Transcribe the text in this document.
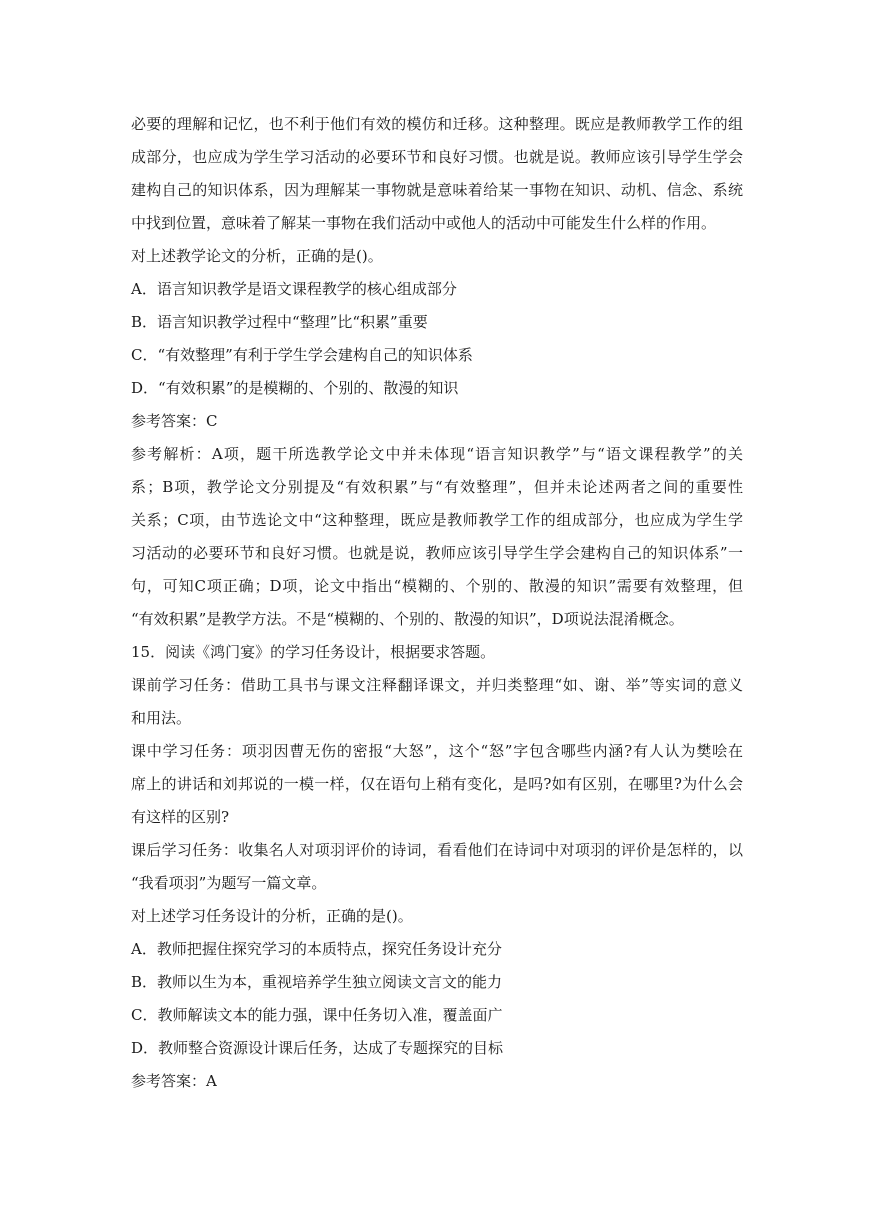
必要的理解和记忆，也不利于他们有效的模仿和迁移。这种整理。既应是教师教学工作的组
成部分，也应成为学生学习活动的必要环节和良好习惯。也就是说。教师应该引导学生学会
建构自己的知识体系，因为理解某一事物就是意味着给某一事物在知识、动机、信念、系统
中找到位置，意味着了解某一事物在我们活动中或他人的活动中可能发生什么样的作用。
对上述教学论文的分析，正确的是()。
A．语言知识教学是语文课程教学的核心组成部分
B．语言知识教学过程中“整理”比“积累”重要
C．“有效整理”有利于学生学会建构自己的知识体系
D．“有效积累”的是模糊的、个别的、散漫的知识
参考答案：C
参考解析：A项，题干所选教学论文中并未体现“语言知识教学”与“语文课程教学”的关
系；B项，教学论文分别提及“有效积累”与“有效整理”，但并未论述两者之间的重要性
关系；C项，由节选论文中“这种整理，既应是教师教学工作的组成部分，也应成为学生学
习活动的必要环节和良好习惯。也就是说，教师应该引导学生学会建构自己的知识体系”一
句，可知C项正确；D项，论文中指出“模糊的、个别的、散漫的知识”需要有效整理，但
“有效积累”是教学方法。不是“模糊的、个别的、散漫的知识”，D项说法混淆概念。
15．阅读《鸿门宴》的学习任务设计，根据要求答题。
课前学习任务：借助工具书与课文注释翻译课文，并归类整理“如、谢、举”等实词的意义
和用法。
课中学习任务：项羽因曹无伤的密报“大怒”，这个“怒”字包含哪些内涵?有人认为樊哙在
席上的讲话和刘邦说的一模一样，仅在语句上稍有变化，是吗?如有区别，在哪里?为什么会
有这样的区别?
课后学习任务：收集名人对项羽评价的诗词，看看他们在诗词中对项羽的评价是怎样的，以
“我看项羽”为题写一篇文章。
对上述学习任务设计的分析，正确的是()。
A．教师把握住探究学习的本质特点，探究任务设计充分
B．教师以生为本，重视培养学生独立阅读文言文的能力
C．教师解读文本的能力强，课中任务切入准，覆盖面广
D．教师整合资源设计课后任务，达成了专题探究的目标
参考答案：A
